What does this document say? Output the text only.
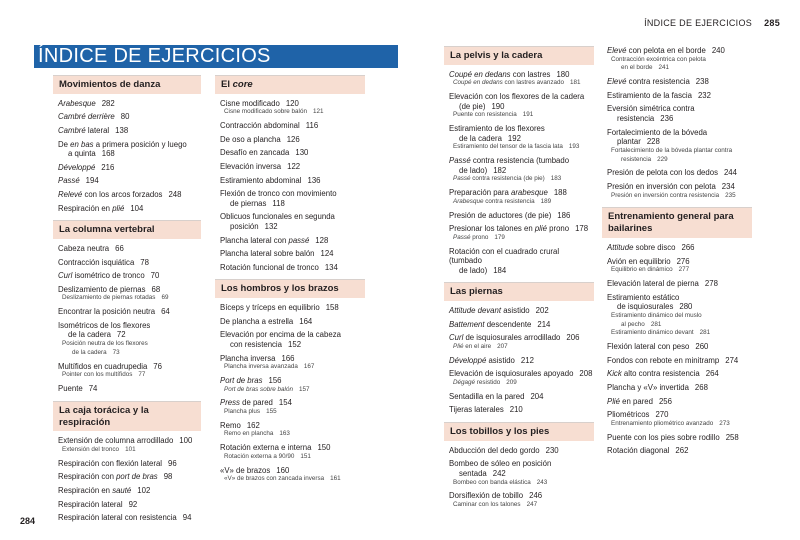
ÍNDICE DE EJERCICIOS 285
ÍNDICE DE EJERCICIOS
Movimientos de danza
Arabesque 282
Cambré derrière 80
Cambré lateral 138
De en bas a primera posición y luego
a quinta 168
Développé 216
Passé 194
Relevé con los arcos forzados 248
Respiración en plié 104
La columna vertebral
Cabeza neutra 66
Contracción isquiática 78
Curl isométrico de tronco 70
Deslizamiento de piernas 68
Deslizamiento de piernas rotadas 69
Encontrar la posición neutra 64
Isométricos de los flexores
de la cadera 72
Posición neutra de los flexores
de la cadera 73
Multífidos en cuadrupedia 76
Pointer con los multífidos 77
Puente 74
La caja torácica y la respiración
Extensión de columna arrodillado 100
Extensión del tronco 101
Respiración con flexión lateral 96
Respiración con port de bras 98
Respiración en sauté 102
Respiración lateral 92
Respiración lateral con resistencia 94
El core
Cisne modificado 120
Cisne modificado sobre balón 121
Contracción abdominal 116
De oso a plancha 126
Desafío en zancada 130
Elevación inversa 122
Estiramiento abdominal 136
Flexión de tronco con movimiento
de piernas 118
Oblicuos funcionales en segunda
posición 132
Plancha lateral con passé 128
Plancha lateral sobre balón 124
Rotación funcional de tronco 134
Los hombros y los brazos
Bíceps y tríceps en equilibrio 158
De plancha a estrella 164
Elevación por encima de la cabeza
con resistencia 152
Plancha inversa 166
Plancha inversa avanzada 167
Port de bras 156
Port de bras sobre balón 157
Press de pared 154
Plancha plus 155
Remo 162
Remo en plancha 163
Rotación externa e interna 150
Rotación externa a 90/90 151
«V» de brazos 160
«V» de brazos con zancada inversa 161
La pelvis y la cadera
Coupé en dedans con lastres 180
Coupé en dedans con lastres avanzado 181
Elevación con los flexores de la cadera
(de pie) 190
Puente con resistencia 191
Estiramiento de los flexores
de la cadera 192
Estiramiento del tensor de la fascia lata 193
Passé contra resistencia (tumbado
de lado) 182
Passé contra resistencia (de pie) 183
Preparación para arabesque 188
Arabesque contra resistencia 189
Presión de aductores (de pie) 186
Presionar los talones en plié prono 178
Passé prono 179
Rotación con el cuadrado crural (tumbado
de lado) 184
Las piernas
Attitude devant asistido 202
Battement descendente 214
Curl de isquiosurales arrodillado 206
Plié en el aire 207
Développé asistido 212
Elevación de isquiosurales apoyado 208
Dégagé resistido 209
Sentadilla en la pared 204
Tijeras laterales 210
Los tobillos y los pies
Abducción del dedo gordo 230
Bombeo de sóleo en posición
sentada 242
Bombeo con banda elástica 243
Dorsiflexión de tobillo 246
Caminar con los talones 247
Elevé con pelota en el borde 240
Contracción excéntrica con pelota
en el borde 241
Elevé contra resistencia 238
Estiramiento de la fascia 232
Eversión simétrica contra
resistencia 236
Fortalecimiento de la bóveda
plantar 228
Fortalecimiento de la bóveda plantar contra
resistencia 229
Presión de pelota con los dedos 244
Presión en inversión con pelota 234
Presión en inversión contra resistencia 235
Entrenamiento general para bailarines
Attitude sobre disco 266
Avión en equilibrio 276
Equilibrio en dinámico 277
Elevación lateral de pierna 278
Estiramiento estático
de isquiosurales 280
Estiramiento dinámico del muslo
al pecho 281
Estiramiento dinámico devant 281
Flexión lateral con peso 260
Fondos con rebote en minitramp 274
Kick alto contra resistencia 264
Plancha y «V» invertida 268
Plié en pared 256
Pliométricos 270
Entrenamiento pliométrico avanzado 273
Puente con los pies sobre rodillo 258
Rotación diagonal 262
284
